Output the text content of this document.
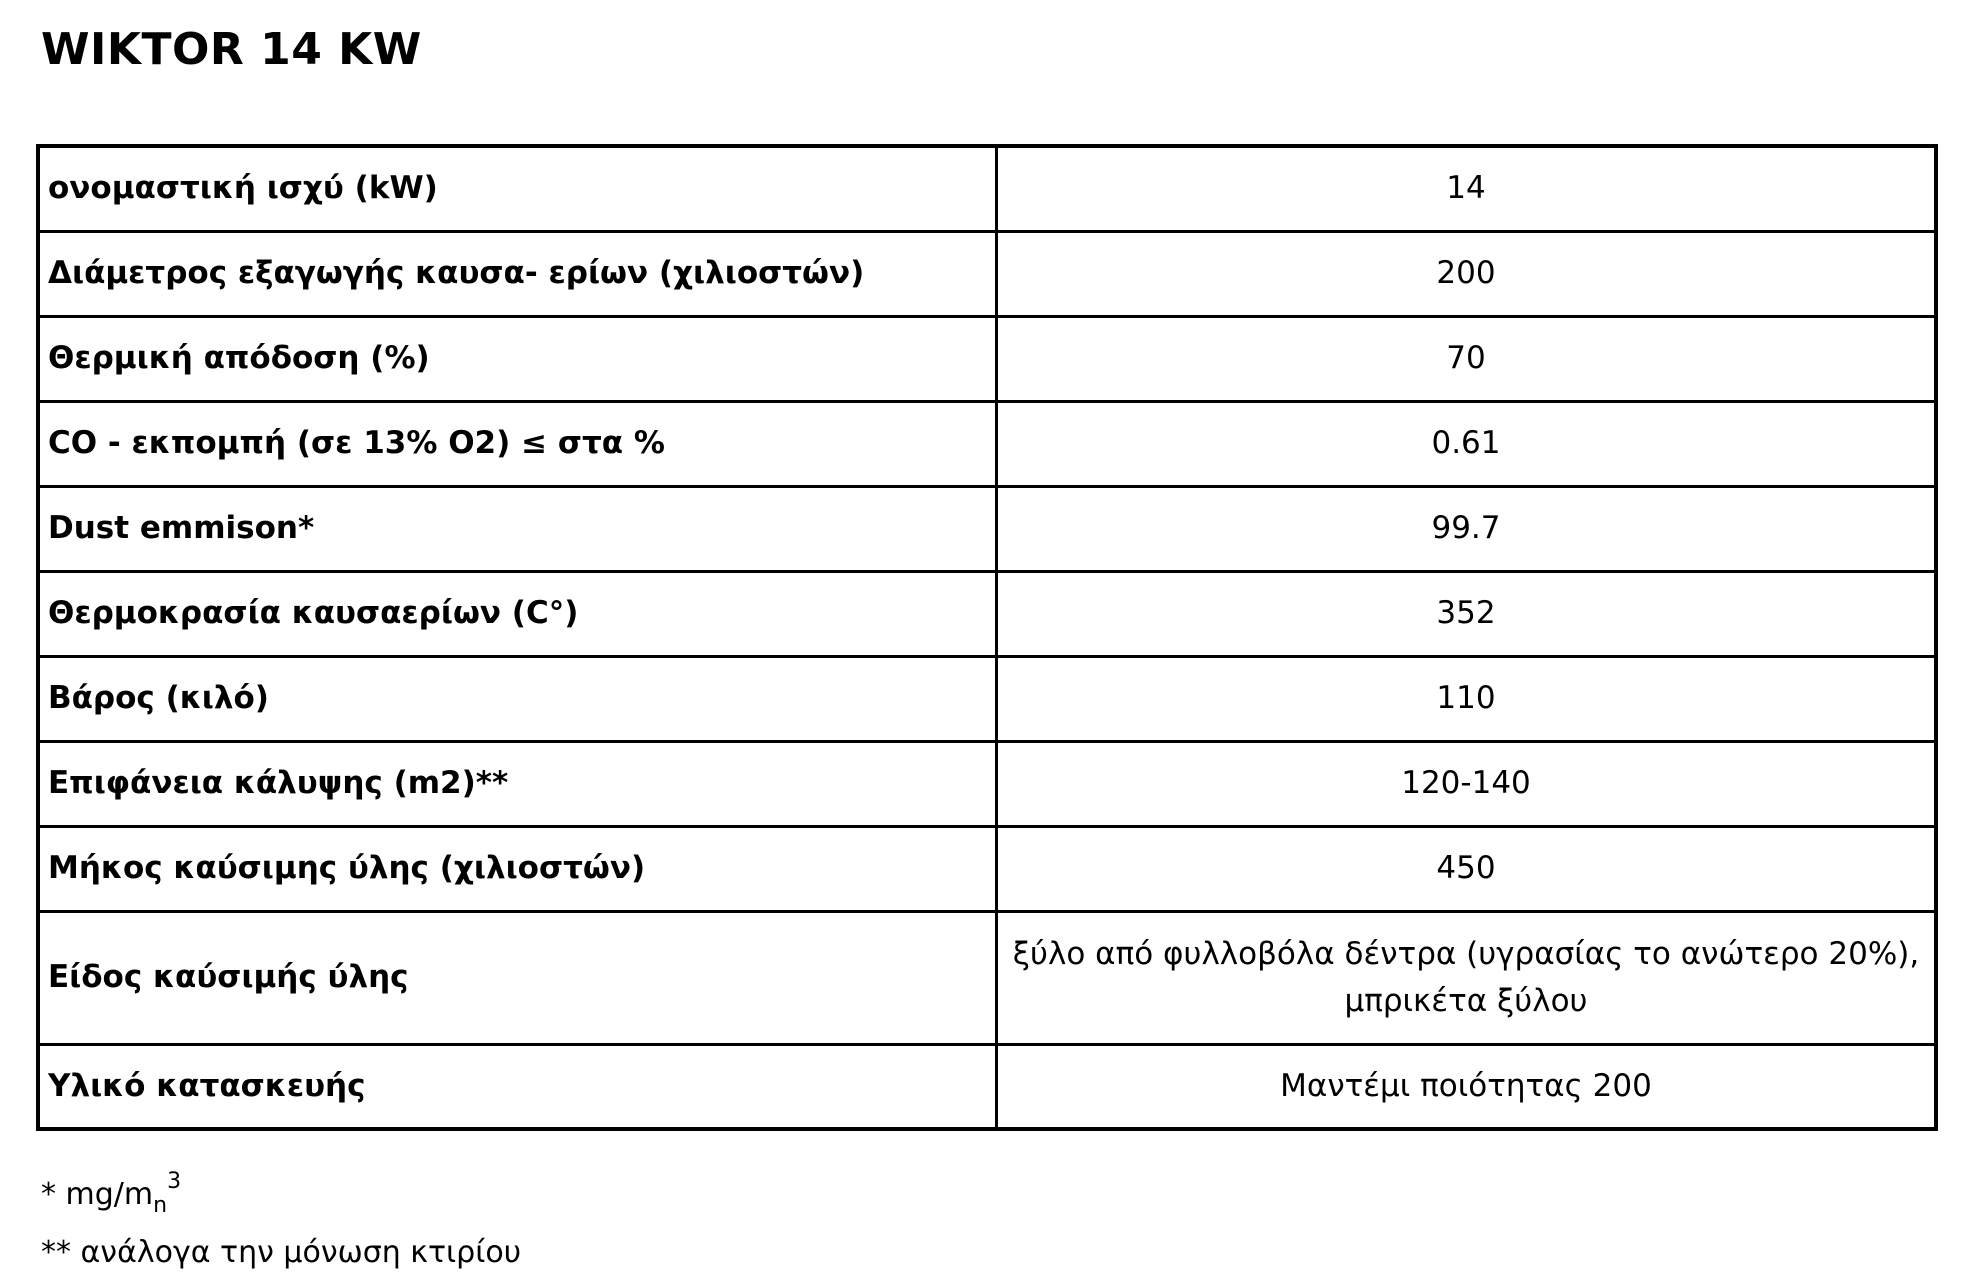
WIKTOR 14 KW
ονομαστική ισχύ (kW)	14
Διάμετρος εξαγωγής καυσα- ερίων (χιλιοστών)	200
Θερμική απόδοση (%)	70
CO - εκπομπή (σε 13% O2) ≤ στα %	0.61
Dust emmison*	99.7
Θερμοκρασία καυσαερίων (C°)	352
Βάρος (κιλό)	110
Επιφάνεια κάλυψης (m2)**	120-140
Μήκος καύσιμης ύλης (χιλιοστών)	450
Είδος καύσιμής ύλης	ξύλο από φυλλοβόλα δέντρα (υγρασίας το ανώτερο 20%),
μπρικέτα ξύλου

Υλικό κατασκευής	Μαντέμι ποιότητας 200

* $mg/m_n^3$

** ανάλογα την μόνωση κτιρίου
